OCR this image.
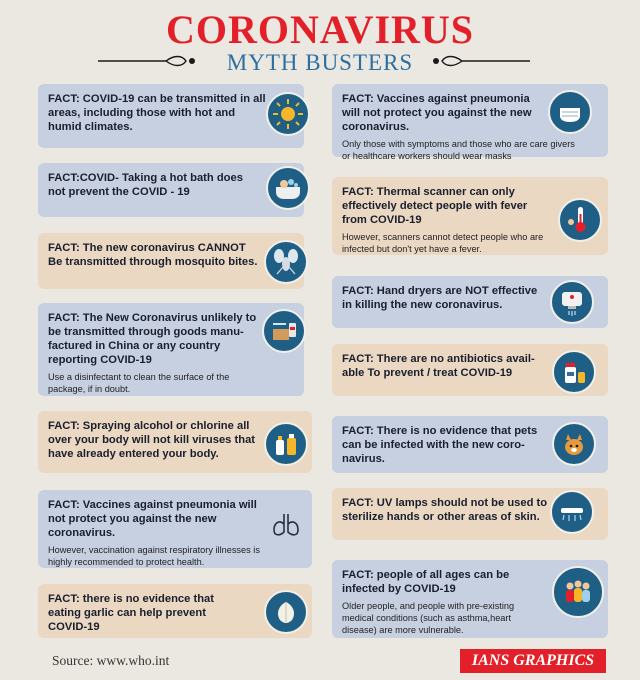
CORONAVIRUS
MYTH BUSTERS
FACT: COVID-19 can be transmitted in all areas, including those with hot and humid climates.
FACT:COVID- Taking a hot bath does not prevent the COVID - 19
FACT: The new coronavirus CANNOT Be transmitted through mosquito bites.
FACT: The New Coronavirus unlikely to be transmitted through goods manu- factured in China or any country reporting COVID-19
Use a disinfectant to clean the surface of the package, if in doubt.
FACT: Spraying alcohol or chlorine all over your body will not kill viruses that have already entered your body.
FACT: Vaccines against pneumonia will not protect you against the new coronavirus.
However, vaccination against respiratory illnesses is highly recommended to protect health.
FACT: there is no evidence that eating garlic can help prevent COVID-19
FACT: Vaccines against pneumonia will not protect you against the new coronavirus.
Only those with symptoms and those who are care givers or healthcare workers should wear masks
FACT: Thermal scanner can only effectively detect people with fever from COVID-19
However, scanners cannot detect people who are infected but don't yet have a fever.
FACT: Hand dryers are NOT effective in killing the new coronavirus.
FACT: There are no antibiotics avail- able To prevent / treat COVID-19
FACT: There is no evidence that pets can be infected with the new coro- navirus.
FACT: UV lamps should not be used to sterilize hands or other areas of skin.
FACT: people of all ages can be infected by COVID-19
Older people, and people with pre-existing medical conditions (such as asthma,heart disease) are more vulnerable.
Source: www.who.int	IANS GRAPHICS
